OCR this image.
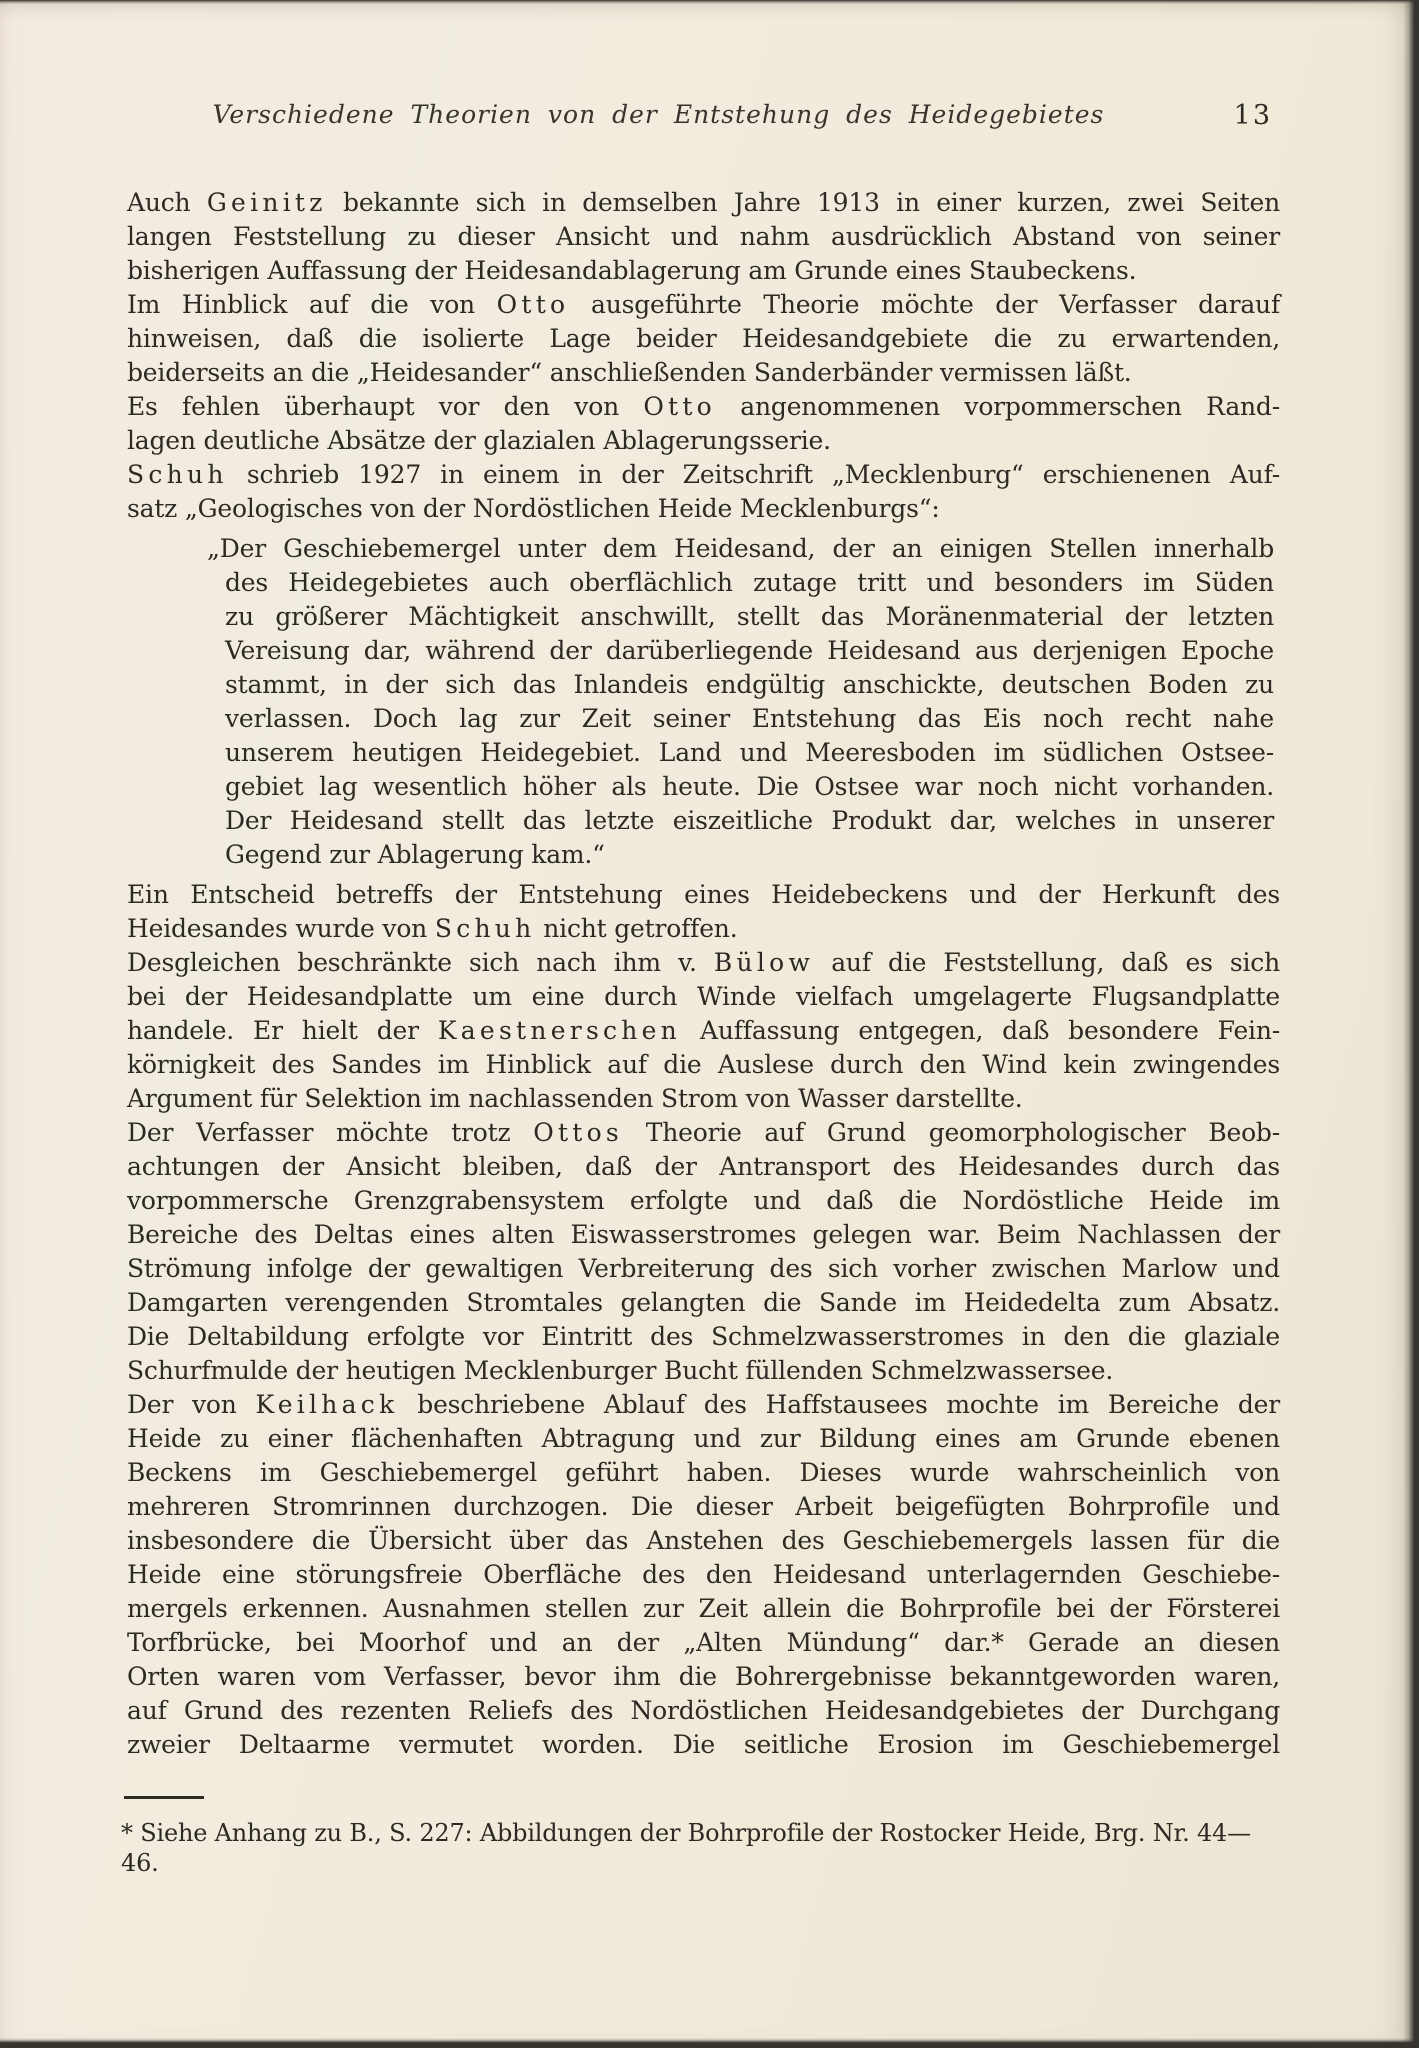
Verschiedene Theorien von der Entstehung des Heidegebietes	13
Auch Geinitz bekannte sich in demselben Jahre 1913 in einer kurzen, zwei Seiten
langen Feststellung zu dieser Ansicht und nahm ausdrücklich Abstand von seiner
bisherigen Auffassung der Heidesandablagerung am Grunde eines Staubeckens.
Im Hinblick auf die von Otto ausgeführte Theorie möchte der Verfasser darauf
hinweisen, daß die isolierte Lage beider Heidesandgebiete die zu erwartenden,
beiderseits an die „Heidesander“ anschließenden Sanderbänder vermissen läßt.
Es fehlen überhaupt vor den von Otto angenommenen vorpommerschen Rand-
lagen deutliche Absätze der glazialen Ablagerungsserie.
Schuh schrieb 1927 in einem in der Zeitschrift „Mecklenburg“ erschienenen Auf-
satz „Geologisches von der Nordöstlichen Heide Mecklenburgs“:
„Der Geschiebemergel unter dem Heidesand, der an einigen Stellen innerhalb
des Heidegebietes auch oberflächlich zutage tritt und besonders im Süden
zu größerer Mächtigkeit anschwillt, stellt das Moränenmaterial der letzten
Vereisung dar, während der darüberliegende Heidesand aus derjenigen Epoche
stammt, in der sich das Inlandeis endgültig anschickte, deutschen Boden zu
verlassen. Doch lag zur Zeit seiner Entstehung das Eis noch recht nahe
unserem heutigen Heidegebiet. Land und Meeresboden im südlichen Ostsee-
gebiet lag wesentlich höher als heute. Die Ostsee war noch nicht vorhanden.
Der Heidesand stellt das letzte eiszeitliche Produkt dar, welches in unserer
Gegend zur Ablagerung kam.“
Ein Entscheid betreffs der Entstehung eines Heidebeckens und der Herkunft des
Heidesandes wurde von Schuh nicht getroffen.
Desgleichen beschränkte sich nach ihm v. Bülow auf die Feststellung, daß es sich
bei der Heidesandplatte um eine durch Winde vielfach umgelagerte Flugsandplatte
handele. Er hielt der Kaestnerschen Auffassung entgegen, daß besondere Fein-
körnigkeit des Sandes im Hinblick auf die Auslese durch den Wind kein zwingendes
Argument für Selektion im nachlassenden Strom von Wasser darstellte.
Der Verfasser möchte trotz Ottos Theorie auf Grund geomorphologischer Beob-
achtungen der Ansicht bleiben, daß der Antransport des Heidesandes durch das
vorpommersche Grenzgrabensystem erfolgte und daß die Nordöstliche Heide im
Bereiche des Deltas eines alten Eiswasserstromes gelegen war. Beim Nachlassen der
Strömung infolge der gewaltigen Verbreiterung des sich vorher zwischen Marlow und
Damgarten verengenden Stromtales gelangten die Sande im Heidedelta zum Absatz.
Die Deltabildung erfolgte vor Eintritt des Schmelzwasserstromes in den die glaziale
Schurfmulde der heutigen Mecklenburger Bucht füllenden Schmelzwassersee.
Der von Keilhack beschriebene Ablauf des Haffstausees mochte im Bereiche der
Heide zu einer flächenhaften Abtragung und zur Bildung eines am Grunde ebenen
Beckens im Geschiebemergel geführt haben. Dieses wurde wahrscheinlich von
mehreren Stromrinnen durchzogen. Die dieser Arbeit beigefügten Bohrprofile und
insbesondere die Übersicht über das Anstehen des Geschiebemergels lassen für die
Heide eine störungsfreie Oberfläche des den Heidesand unterlagernden Geschiebe-
mergels erkennen. Ausnahmen stellen zur Zeit allein die Bohrprofile bei der Försterei
Torfbrücke, bei Moorhof und an der „Alten Mündung“ dar.* Gerade an diesen
Orten waren vom Verfasser, bevor ihm die Bohrergebnisse bekanntgeworden waren,
auf Grund des rezenten Reliefs des Nordöstlichen Heidesandgebietes der Durchgang
zweier Deltaarme vermutet worden. Die seitliche Erosion im Geschiebemergel
* Siehe Anhang zu B., S. 227: Abbildungen der Bohrprofile der Rostocker Heide, Brg. Nr. 44—46.
